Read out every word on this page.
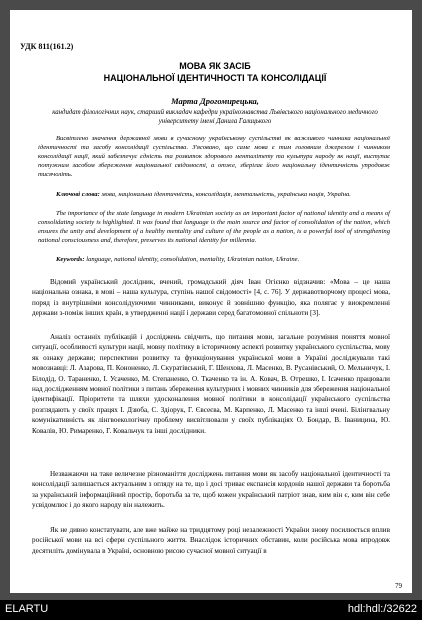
УДК 811(161.2)
МОВА ЯК ЗАСІБ
НАЦІОНАЛЬНОЇ ІДЕНТИЧНОСТІ ТА КОНСОЛІДАЦІЇ
Марта Дрогомирецька,
кандидат філологічних наук, старший викладач кафедри українознавства Львівського національного медичного університету імені Данила Галицького
Висвітлено значення державної мови в сучасному українському суспільстві як важливого чинника національної ідентичності та засобу консолідації суспільства. З'ясовано, що саме мова є тим головним джерелом і чинником консолідації нації, який забезпечує єдність та розвиток здорового менталітету та культури народу як нації, виступає потужним засобом збереження національної свідомості, а отже, зберігає його національну ідентичність упродовж тисячоліть.
Ключові слова: мова, національна ідентичність, консолідація, ментальність, українська нація, Україна.
The importance of the state language in modern Ukrainian society as an important factor of national identity and a means of consolidating society is highlighted. It was found that language is the main source and factor of consolidation of the nation, which ensures the unity and development of a healthy mentality and culture of the people as a nation, is a powerful tool of strengthening national consciousness and, therefore, preserves its national identity for millennia.
Keywords: language, national identity, consolidation, mentality, Ukrainian nation, Ukraine.
Відомий український дослідник, вчений, громадський діяч Іван Огієнко відзначив: «Мова – це наша національна ознака, в мові – наша культура, ступінь нашої свідомості» [4, с. 76]. У державотворчому процесі мова, поряд із внутрішніми консолідуючими чинниками, виконує й зовнішню функцію, яка полягає у виокремленні держави з-поміж інших країн, в утвердженні нації і держави серед багатомовної спільноти [3].
Аналіз останніх публікацій і досліджень свідчить, що питання мови, загальне розуміння поняття мовної ситуації, особливості культури нації, мовну політику в історичному аспекті розвитку українського суспільства, мову як ознаку держави; перспективи розвитку та функціонування української мови в Україні досліджували такі мовознавці: Л. Азарова, П. Кононенко, Л. Скуратівський, Г. Шенхова, Л. Масенко, В. Русанівський, О. Мельничук, І. Білодід, О. Тараненко, І. Усаченко, М. Степаненко, О. Ткаченко та ін. А. Ковач, В. Отрешко, І. Ісаченко працювали над дослідженням мовної політики з питань збереження культурних і мовних чинників для збереження національної ідентифікації. Пріоритети та шляхи удосконалення мовної політики в консолідації українського суспільства розглядають у своїх працях І. Дзюба, С. Здіорук, Г. Євсеєва, М. Карпенко, Л. Масенко та інші вчені. Білінгвальну комунікативність як лінгвоекологічну проблему висвітлювали у своїх публікаціях О. Бондар, В. Іваницина, Ю. Ковалів, Ю. Римаренко, Г. Ковальчук та інші дослідники.
Незважаючи на таке величезне різноманіття досліджень питання мови як засобу національної ідентичності та консолідації залишається актуальним з огляду на те, що і досі триває експансія кордонів нашої держави та боротьба за український інформаційний простір, боротьба за те, щоб кожен український патріот знав, ким він є, ким він себе усвідомлює і до якого народу він належить.
Як не дивно констатувати, але вже майже на тридцятому році незалежності України знову посилюється вплив російської мови на всі сфери суспільного життя. Внаслідок історичних обставин, коли російська мова впродовж десятиліть домінувала в Україні, основною рисою сучасної мовної ситуації в
79
ELARTU	hdl:hdl:/32622
